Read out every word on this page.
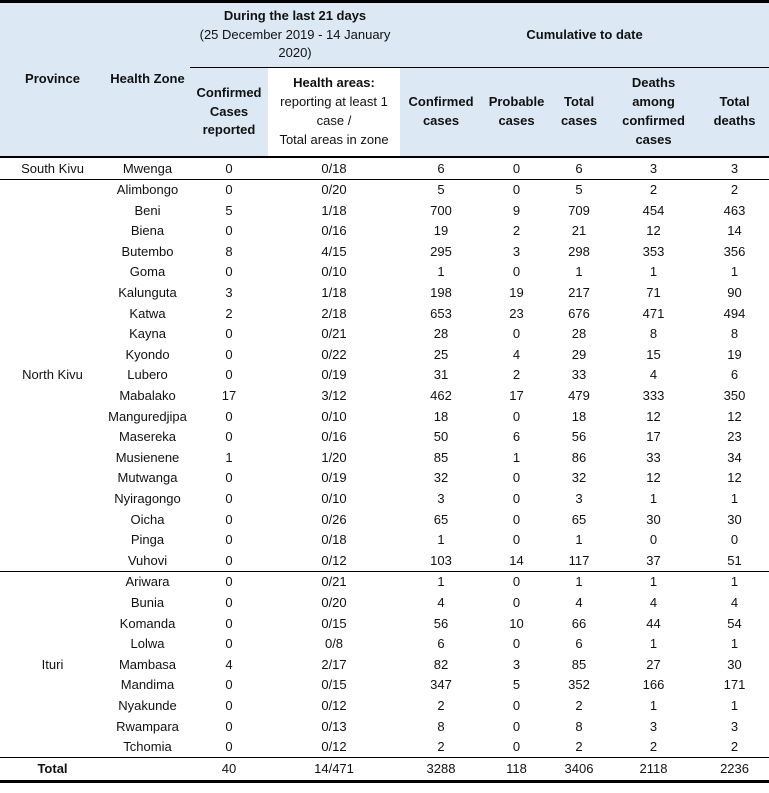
Province	Health Zone	During the last 21 days
(25 December 2019 - 14 January 2020)		Cumulative to date				
		Confirmed Cases reported	Health areas:
reporting at least 1 case /
Total areas in zone	Confirmed cases	Probable cases	Total cases	Deaths among confirmed cases	Total deaths
South Kivu	Mwenga	0	0/18	6	0	6	3	3
North Kivu	Alimbongo	0	0/20	5	0	5	2	2
	Beni	5	1/18	700	9	709	454	463
	Biena	0	0/16	19	2	21	12	14
	Butembo	8	4/15	295	3	298	353	356
	Goma	0	0/10	1	0	1	1	1
	Kalunguta	3	1/18	198	19	217	71	90
	Katwa	2	2/18	653	23	676	471	494
	Kayna	0	0/21	28	0	28	8	8
	Kyondo	0	0/22	25	4	29	15	19
	Lubero	0	0/19	31	2	33	4	6
	Mabalako	17	3/12	462	17	479	333	350
	Manguredjipa	0	0/10	18	0	18	12	12
	Masereka	0	0/16	50	6	56	17	23
	Musienene	1	1/20	85	1	86	33	34
	Mutwanga	0	0/19	32	0	32	12	12
	Nyiragongo	0	0/10	3	0	3	1	1
	Oicha	0	0/26	65	0	65	30	30
	Pinga	0	0/18	1	0	1	0	0
	Vuhovi	0	0/12	103	14	117	37	51
Ituri	Ariwara	0	0/21	1	0	1	1	1
	Bunia	0	0/20	4	0	4	4	4
	Komanda	0	0/15	56	10	66	44	54
	Lolwa	0	0/8	6	0	6	1	1
	Mambasa	4	2/17	82	3	85	27	30
	Mandima	0	0/15	347	5	352	166	171
	Nyakunde	0	0/12	2	0	2	1	1
	Rwampara	0	0/13	8	0	8	3	3
	Tchomia	0	0/12	2	0	2	2	2
Total		40	14/471	3288	118	3406	2118	2236
